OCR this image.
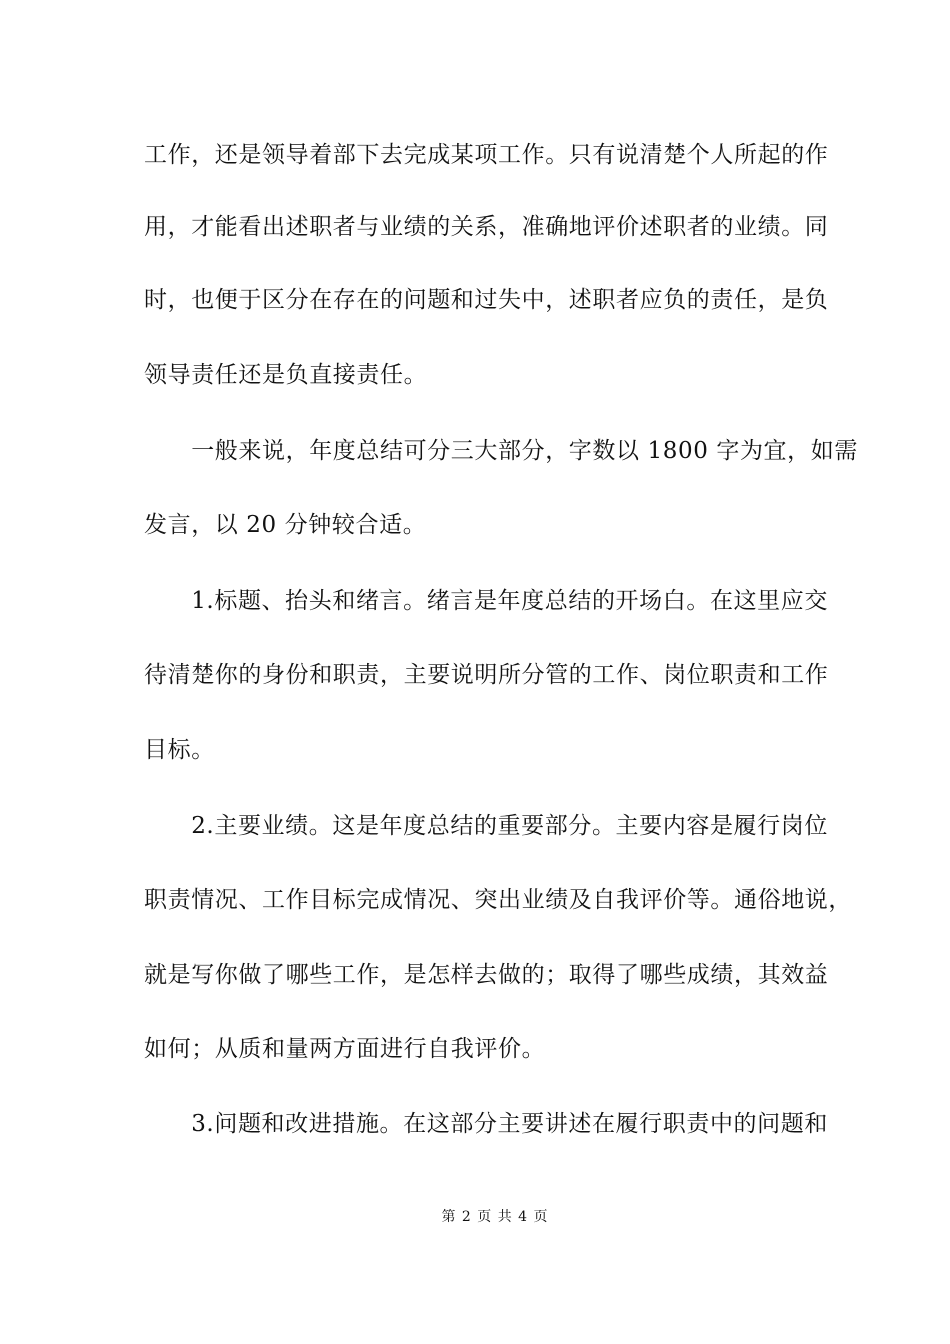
工作，还是领导着部下去完成某项工作。只有说清楚个人所起的作
用，才能看出述职者与业绩的关系，准确地评价述职者的业绩。同
时，也便于区分在存在的问题和过失中，述职者应负的责任，是负
领导责任还是负直接责任。
　　一般来说，年度总结可分三大部分，字数以 1800 字为宜，如需
发言，以 20 分钟较合适。
　　1.标题、抬头和绪言。绪言是年度总结的开场白。在这里应交
待清楚你的身份和职责，主要说明所分管的工作、岗位职责和工作
目标。
　　2.主要业绩。这是年度总结的重要部分。主要内容是履行岗位
职责情况、工作目标完成情况、突出业绩及自我评价等。通俗地说，
就是写你做了哪些工作，是怎样去做的；取得了哪些成绩，其效益
如何；从质和量两方面进行自我评价。
　　3.问题和改进措施。在这部分主要讲述在履行职责中的问题和
第 2 页 共 4 页
